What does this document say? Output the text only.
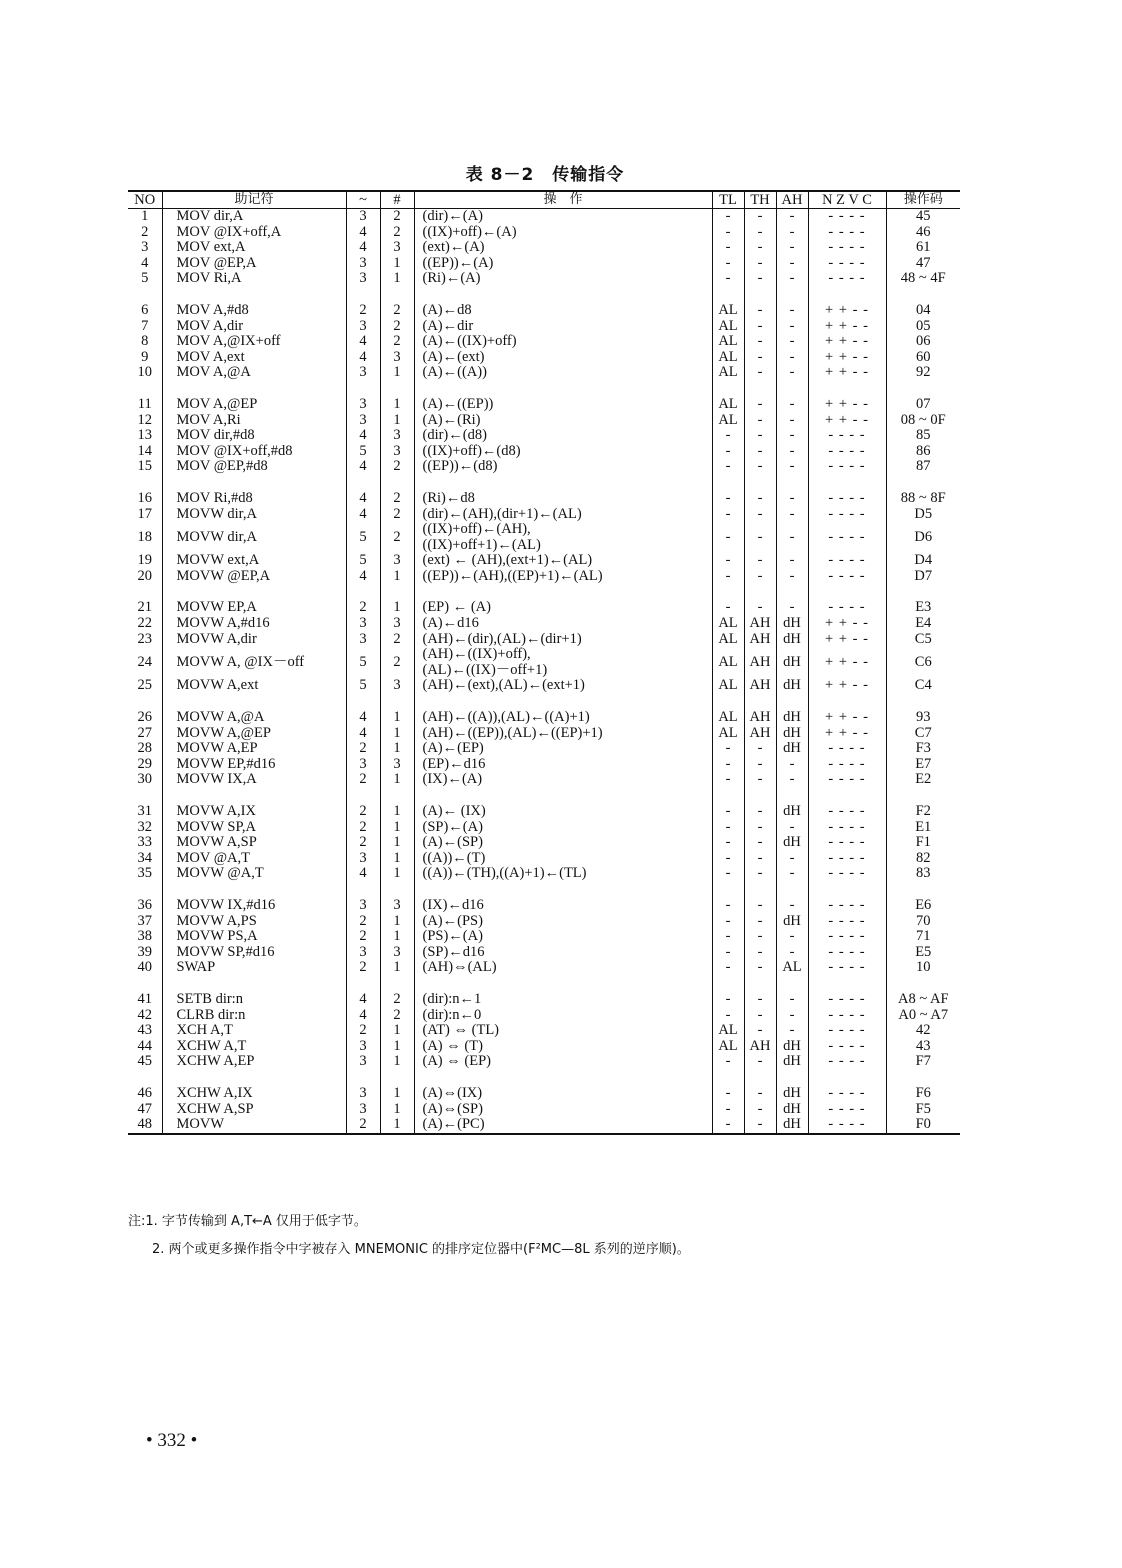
表 8－2　传输指令
NO	助记符	~	#	操　作	TL	TH	AH	N Z V C	操作码
1	MOV dir,A	3	2	(dir)←(A)	-	-	-	- - - -	45
2	MOV @IX+off,A	4	2	((IX)+off)←(A)	-	-	-	- - - -	46
3	MOV ext,A	4	3	(ext)←(A)	-	-	-	- - - -	61
4	MOV @EP,A	3	1	((EP))←(A)	-	-	-	- - - -	47
5	MOV Ri,A	3	1	(Ri)←(A)	-	-	-	- - - -	48 ~ 4F

6	MOV A,#d8	2	2	(A)←d8	AL	-	-	+ + - -	04
7	MOV A,dir	3	2	(A)←dir	AL	-	-	+ + - -	05
8	MOV A,@IX+off	4	2	(A)←((IX)+off)	AL	-	-	+ + - -	06
9	MOV A,ext	4	3	(A)←(ext)	AL	-	-	+ + - -	60
10	MOV A,@A	3	1	(A)←((A))	AL	-	-	+ + - -	92

11	MOV A,@EP	3	1	(A)←((EP))	AL	-	-	+ + - -	07
12	MOV A,Ri	3	1	(A)←(Ri)	AL	-	-	+ + - -	08 ~ 0F
13	MOV dir,#d8	4	3	(dir)←(d8)	-	-	-	- - - -	85
14	MOV @IX+off,#d8	5	3	((IX)+off)←(d8)	-	-	-	- - - -	86
15	MOV @EP,#d8	4	2	((EP))←(d8)	-	-	-	- - - -	87

16	MOV Ri,#d8	4	2	(Ri)←d8	-	-	-	- - - -	88 ~ 8F
17	MOVW dir,A	4	2	(dir)←(AH),(dir+1)←(AL)	-	-	-	- - - -	D5
18	MOVW dir,A	5	2	((IX)+off)←(AH),
((IX)+off+1)←(AL)	-	-	-	- - - -	D6
19	MOVW ext,A	5	3	(ext) ← (AH),(ext+1)←(AL)	-	-	-	- - - -	D4
20	MOVW @EP,A	4	1	((EP))←(AH),((EP)+1)←(AL)	-	-	-	- - - -	D7

21	MOVW EP,A	2	1	(EP) ← (A)	-	-	-	- - - -	E3
22	MOVW A,#d16	3	3	(A)←d16	AL	AH	dH	+ + - -	E4
23	MOVW A,dir	3	2	(AH)←(dir),(AL)←(dir+1)	AL	AH	dH	+ + - -	C5
24	MOVW A, @IX－off	5	2	(AH)←((IX)+off),
(AL)←((IX)－off+1)	AL	AH	dH	+ + - -	C6
25	MOVW A,ext	5	3	(AH)←(ext),(AL)←(ext+1)	AL	AH	dH	+ + - -	C4

26	MOVW A,@A	4	1	(AH)←((A)),(AL)←((A)+1)	AL	AH	dH	+ + - -	93
27	MOVW A,@EP	4	1	(AH)←((EP)),(AL)←((EP)+1)	AL	AH	dH	+ + - -	C7
28	MOVW A,EP	2	1	(A)←(EP)	-	-	dH	- - - -	F3
29	MOVW EP,#d16	3	3	(EP)←d16	-	-	-	- - - -	E7
30	MOVW IX,A	2	1	(IX)←(A)	-	-	-	- - - -	E2

31	MOVW A,IX	2	1	(A)← (IX)	-	-	dH	- - - -	F2
32	MOVW SP,A	2	1	(SP)←(A)	-	-	-	- - - -	E1
33	MOVW A,SP	2	1	(A)←(SP)	-	-	dH	- - - -	F1
34	MOV @A,T	3	1	((A))←(T)	-	-	-	- - - -	82
35	MOVW @A,T	4	1	((A))←(TH),((A)+1)←(TL)	-	-	-	- - - -	83

36	MOVW IX,#d16	3	3	(IX)←d16	-	-	-	- - - -	E6
37	MOVW A,PS	2	1	(A)←(PS)	-	-	dH	- - - -	70
38	MOVW PS,A	2	1	(PS)←(A)	-	-	-	- - - -	71
39	MOVW SP,#d16	3	3	(SP)←d16	-	-	-	- - - -	E5
40	SWAP	2	1	(AH)⇔(AL)	-	-	AL	- - - -	10

41	SETB dir:n	4	2	(dir):n←1	-	-	-	- - - -	A8 ~ AF
42	CLRB dir:n	4	2	(dir):n←0	-	-	-	- - - -	A0 ~ A7
43	XCH A,T	2	1	(AT) ⇔ (TL)	AL	-	-	- - - -	42
44	XCHW A,T	3	1	(A) ⇔ (T)	AL	AH	dH	- - - -	43
45	XCHW A,EP	3	1	(A) ⇔ (EP)	-	-	dH	- - - -	F7

46	XCHW A,IX	3	1	(A)⇔(IX)	-	-	dH	- - - -	F6
47	XCHW A,SP	3	1	(A)⇔(SP)	-	-	dH	- - - -	F5
48	MOVW	2	1	(A)←(PC)	-	-	dH	- - - -	F0
注:1. 字节传输到 A,T←A 仅用于低字节。
2. 两个或更多操作指令中字被存入 MNEMONIC 的排序定位器中(F²MC—8L 系列的逆序顺)。
• 332 •
